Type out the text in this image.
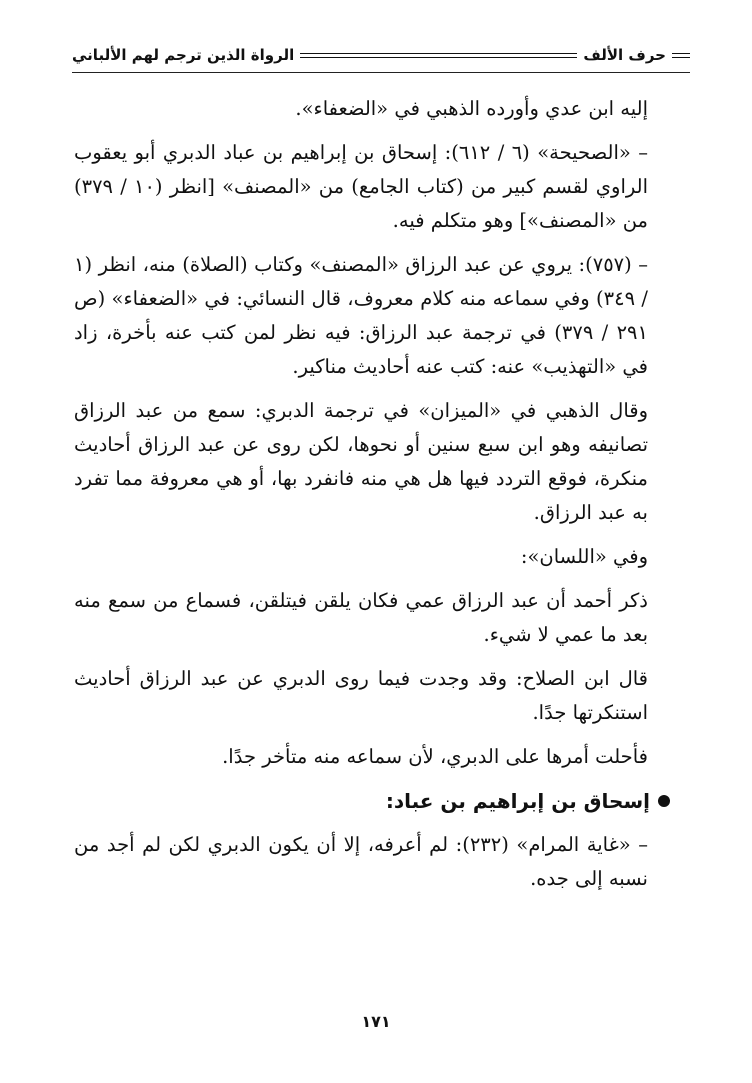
حرف الألف
الرواة الذين ترجم لهم الألباني

إليه ابن عدي وأورده الذهبي في «الضعفاء».

– «الصحيحة» (٦ / ٦١٢): إسحاق بن إبراهيم بن عباد الدبري أبو يعقوب الراوي لقسم كبير من (كتاب الجامع) من «المصنف» [انظر (١٠ / ٣٧٩) من «المصنف»] وهو متكلم فيه.

– (٧٥٧): يروي عن عبد الرزاق «المصنف» وكتاب (الصلاة) منه، انظر (١ / ٣٤٩) وفي سماعه منه كلام معروف، قال النسائي: في «الضعفاء» (ص ٢٩١ / ٣٧٩) في ترجمة عبد الرزاق: فيه نظر لمن كتب عنه بأخرة، زاد في «التهذيب» عنه: كتب عنه أحاديث مناكير.

وقال الذهبي في «الميزان» في ترجمة الدبري: سمع من عبد الرزاق تصانيفه وهو ابن سبع سنين أو نحوها، لكن روى عن عبد الرزاق أحاديث منكرة، فوقع التردد فيها هل هي منه فانفرد بها، أو هي معروفة مما تفرد به عبد الرزاق.

وفي «اللسان»:

ذكر أحمد أن عبد الرزاق عمي فكان يلقن فيتلقن، فسماع من سمع منه بعد ما عمي لا شيء.

قال ابن الصلاح: وقد وجدت فيما روى الدبري عن عبد الرزاق أحاديث استنكرتها جدًا.

فأحلت أمرها على الدبري، لأن سماعه منه متأخر جدًا.

إسحاق بن إبراهيم بن عباد:

– «غاية المرام» (٢٣٢): لم أعرفه، إلا أن يكون الدبري لكن لم أجد من نسبه إلى جده.

١٧١
